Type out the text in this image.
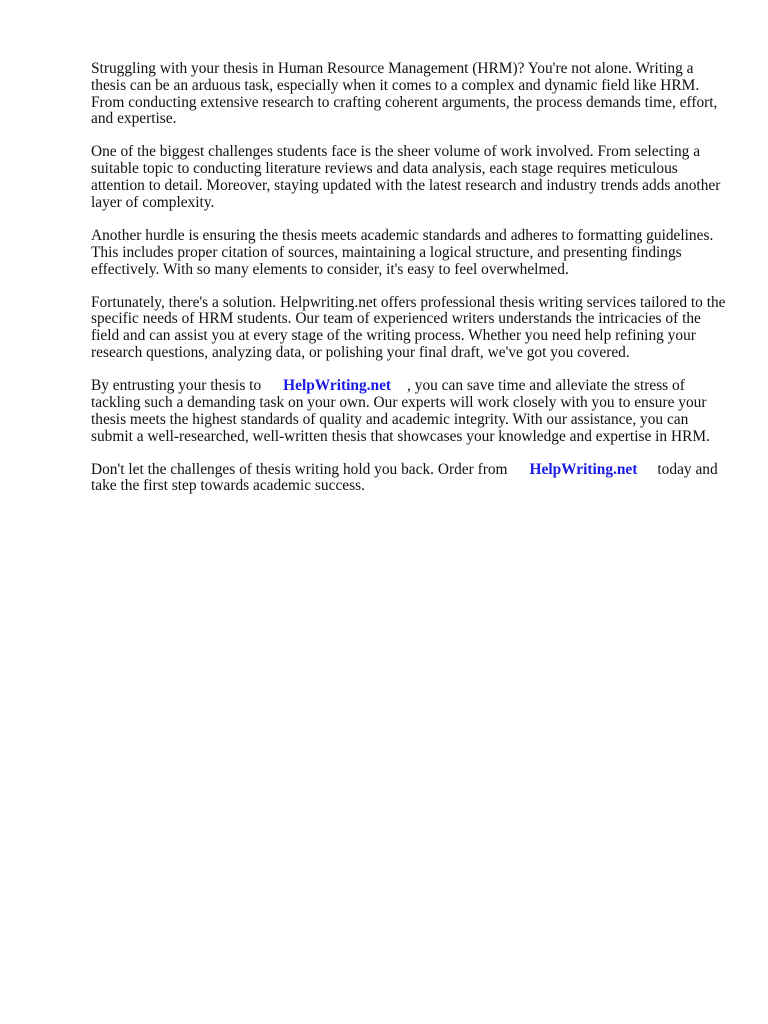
Struggling with your thesis in Human Resource Management (HRM)? You're not alone. Writing a thesis can be an arduous task, especially when it comes to a complex and dynamic field like HRM. From conducting extensive research to crafting coherent arguments, the process demands time, effort, and expertise.

One of the biggest challenges students face is the sheer volume of work involved. From selecting a suitable topic to conducting literature reviews and data analysis, each stage requires meticulous attention to detail. Moreover, staying updated with the latest research and industry trends adds another layer of complexity.

Another hurdle is ensuring the thesis meets academic standards and adheres to formatting guidelines. This includes proper citation of sources, maintaining a logical structure, and presenting findings effectively. With so many elements to consider, it's easy to feel overwhelmed.

Fortunately, there's a solution. Helpwriting.net offers professional thesis writing services tailored to the specific needs of HRM students. Our team of experienced writers understands the intricacies of the field and can assist you at every stage of the writing process. Whether you need help refining your research questions, analyzing data, or polishing your final draft, we've got you covered.

By entrusting your thesis to HelpWriting.net , you can save time and alleviate the stress of tackling such a demanding task on your own. Our experts will work closely with you to ensure your thesis meets the highest standards of quality and academic integrity. With our assistance, you can submit a well-researched, well-written thesis that showcases your knowledge and expertise in HRM.

Don't let the challenges of thesis writing hold you back. Order from HelpWriting.net today and take the first step towards academic success.
